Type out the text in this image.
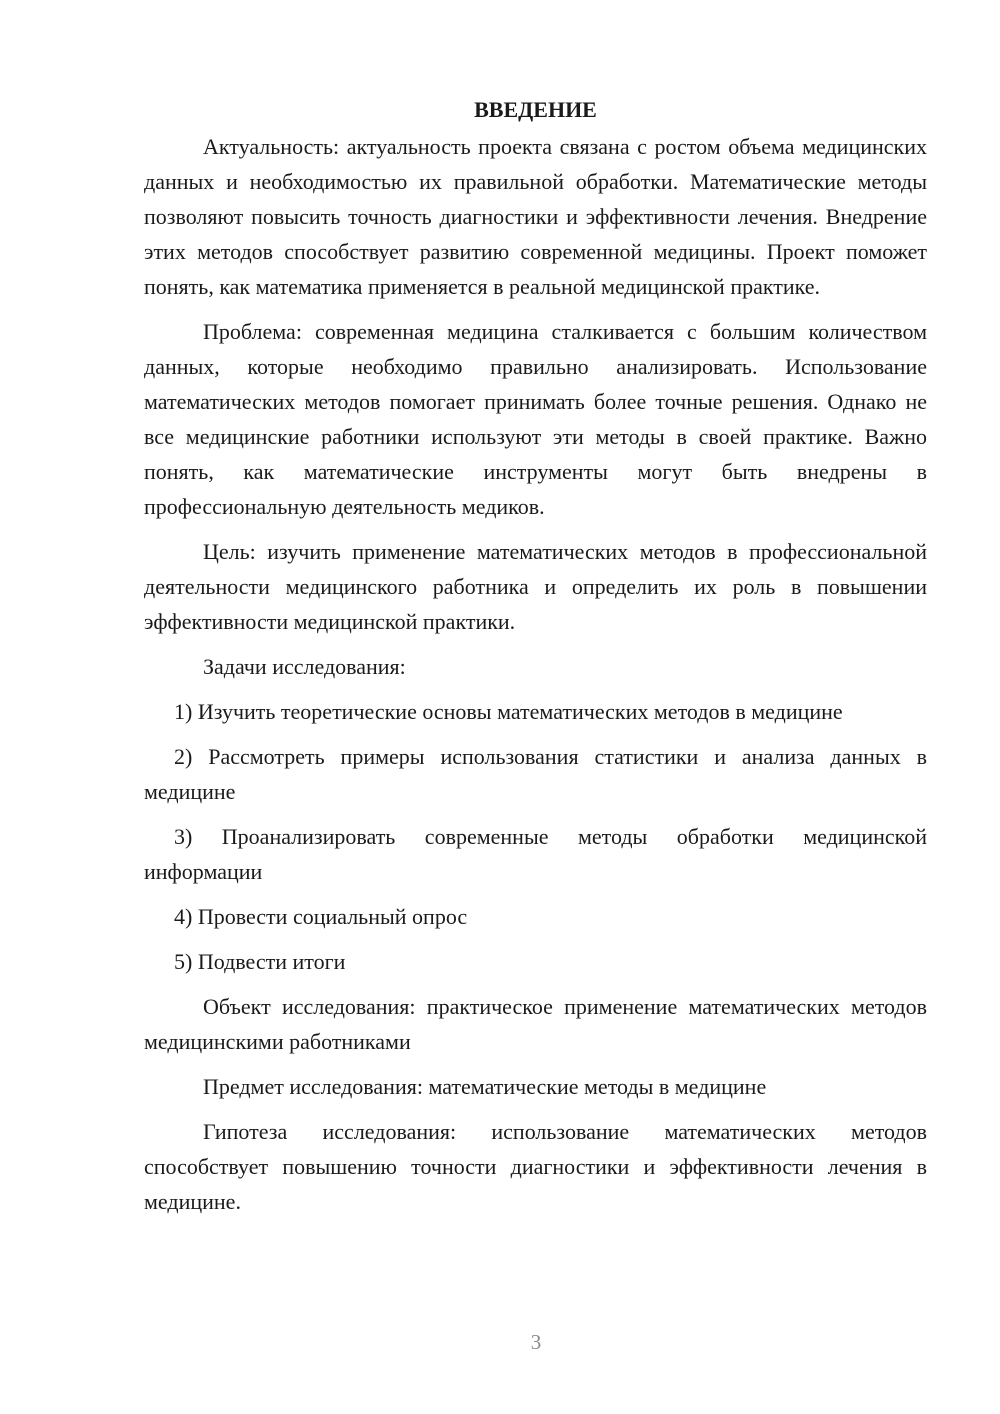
ВВЕДЕНИЕ
Актуальность: актуальность проекта связана с ростом объема медицинских данных и необходимостью их правильной обработки. Математические методы позволяют повысить точность диагностики и эффективности лечения. Внедрение этих методов способствует развитию современной медицины. Проект поможет понять, как математика применяется в реальной медицинской практике.
Проблема: современная медицина сталкивается с большим количеством данных, которые необходимо правильно анализировать. Использование математических методов помогает принимать более точные решения. Однако не все медицинские работники используют эти методы в своей практике. Важно понять, как математические инструменты могут быть внедрены в профессиональную деятельность медиков.
Цель: изучить применение математических методов в профессиональной деятельности медицинского работника и определить их роль в повышении эффективности медицинской практики.
Задачи исследования:
1) Изучить теоретические основы математических методов в медицине
2) Рассмотреть примеры использования статистики и анализа данных в медицине
3) Проанализировать современные методы обработки медицинской информации
4) Провести социальный опрос
5) Подвести итоги
Объект исследования: практическое применение математических методов медицинскими работниками
Предмет исследования: математические методы в медицине
Гипотеза исследования: использование математических методов способствует повышению точности диагностики и эффективности лечения в медицине.
3
